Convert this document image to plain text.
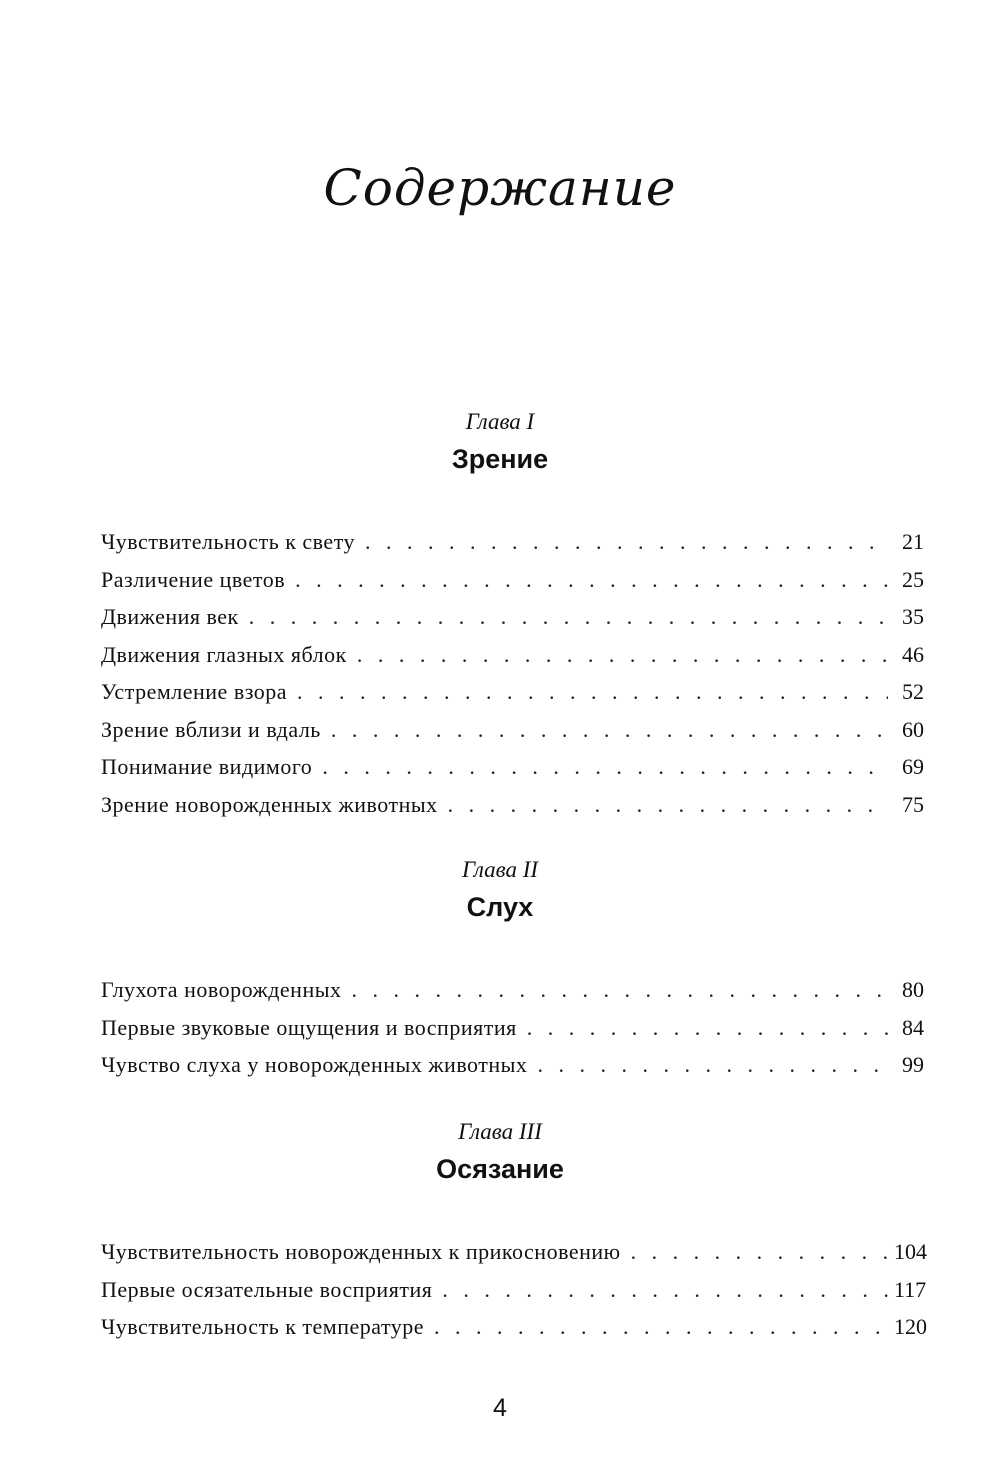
Содержание
Глава I
Зрение
Чувствительность к свету . . .	21
Различение цветов . . .	25
Движения век . . .	35
Движения глазных яблок . . .	46
Устремление взора . . .	52
Зрение вблизи и вдаль . . .	60
Понимание видимого . . .	69
Зрение новорожденных животных . . .	75
Глава II
Слух
Глухота новорожденных . . .	80
Первые звуковые ощущения и восприятия . . .	84
Чувство слуха у новорожденных животных . . .	99
Глава III
Осязание
Чувствительность новорожденных к прикосновению . . .	104
Первые осязательные восприятия . . .	117
Чувствительность к температуре . . .	120
4
